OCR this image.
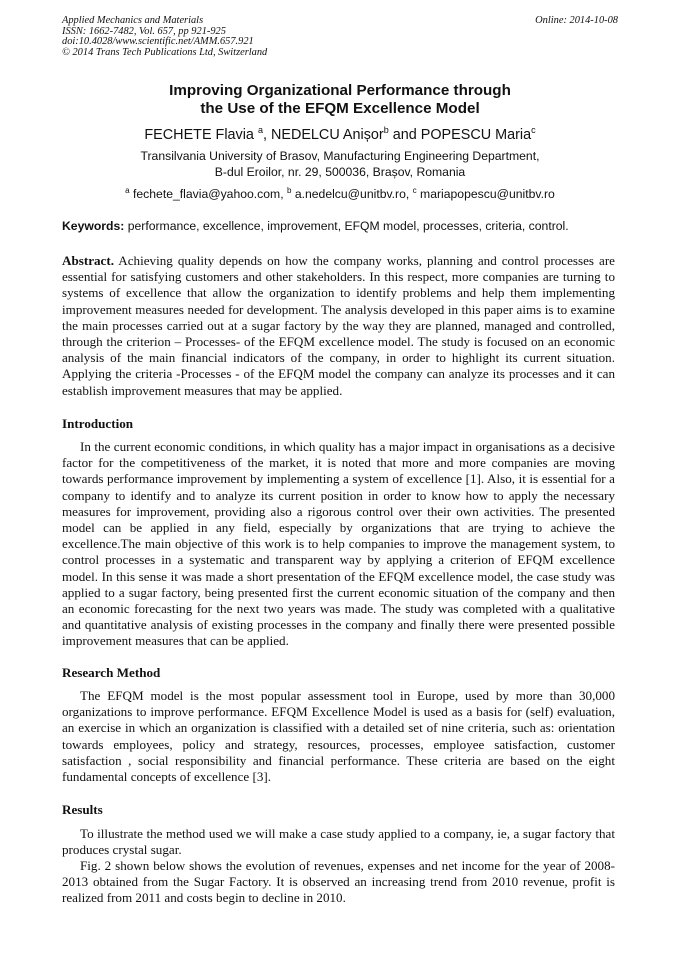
Applied Mechanics and Materials
ISSN: 1662-7482, Vol. 657, pp 921-925
doi:10.4028/www.scientific.net/AMM.657.921
© 2014 Trans Tech Publications Ltd, Switzerland
Online: 2014-10-08
Improving Organizational Performance through
the Use of the EFQM Excellence Model
FECHETE Flavia $^a$, NEDELCU Anișor$^b$ and POPESCU Maria$^c$
Transilvania University of Brasov, Manufacturing Engineering Department,
B-dul Eroilor, nr. 29, 500036, Brașov, Romania
$^a$ fechete_flavia@yahoo.com, $^b$ a.nedelcu@unitbv.ro, $^c$ mariapopescu@unitbv.ro
Keywords: performance, excellence, improvement, EFQM model, processes, criteria, control.
Abstract. Achieving quality depends on how the company works, planning and control processes are essential for satisfying customers and other stakeholders. In this respect, more companies are turning to systems of excellence that allow the organization to identify problems and help them implementing improvement measures needed for development. The analysis developed in this paper aims is to examine the main processes carried out at a sugar factory by the way they are planned, managed and controlled, through the criterion – Processes- of the EFQM excellence model. The study is focused on an economic analysis of the main financial indicators of the company, in order to highlight its current situation. Applying the criteria -Processes - of the EFQM model the company can analyze its processes and it can establish improvement measures that may be applied.
Introduction
In the current economic conditions, in which quality has a major impact in organisations as a decisive factor for the competitiveness of the market, it is noted that more and more companies are moving towards performance improvement by implementing a system of excellence [1]. Also, it is essential for a company to identify and to analyze its current position in order to know how to apply the necessary measures for improvement, providing also a rigorous control over their own activities. The presented model can be applied in any field, especially by organizations that are trying to achieve the excellence.The main objective of this work is to help companies to improve the management system, to control processes in a systematic and transparent way by applying a criterion of EFQM excellence model. In this sense it was made a short presentation of the EFQM excellence model, the case study was applied to a sugar factory, being presented first the current economic situation of the company and then an economic forecasting for the next two years was made. The study was completed with a qualitative and quantitative analysis of existing processes in the company and finally there were presented possible improvement measures that can be applied.
Research Method
The EFQM model is the most popular assessment tool in Europe, used by more than 30,000 organizations to improve performance. EFQM Excellence Model is used as a basis for (self) evaluation, an exercise in which an organization is classified with a detailed set of nine criteria, such as: orientation towards employees, policy and strategy, resources, processes, employee satisfaction, customer satisfaction , social responsibility and financial performance. These criteria are based on the eight fundamental concepts of excellence [3].
Results
To illustrate the method used we will make a case study applied to a company, ie, a sugar factory that produces crystal sugar.
Fig. 2 shown below shows the evolution of revenues, expenses and net income for the year of 2008-2013 obtained from the Sugar Factory. It is observed an increasing trend from 2010 revenue, profit is realized from 2011 and costs begin to decline in 2010.
